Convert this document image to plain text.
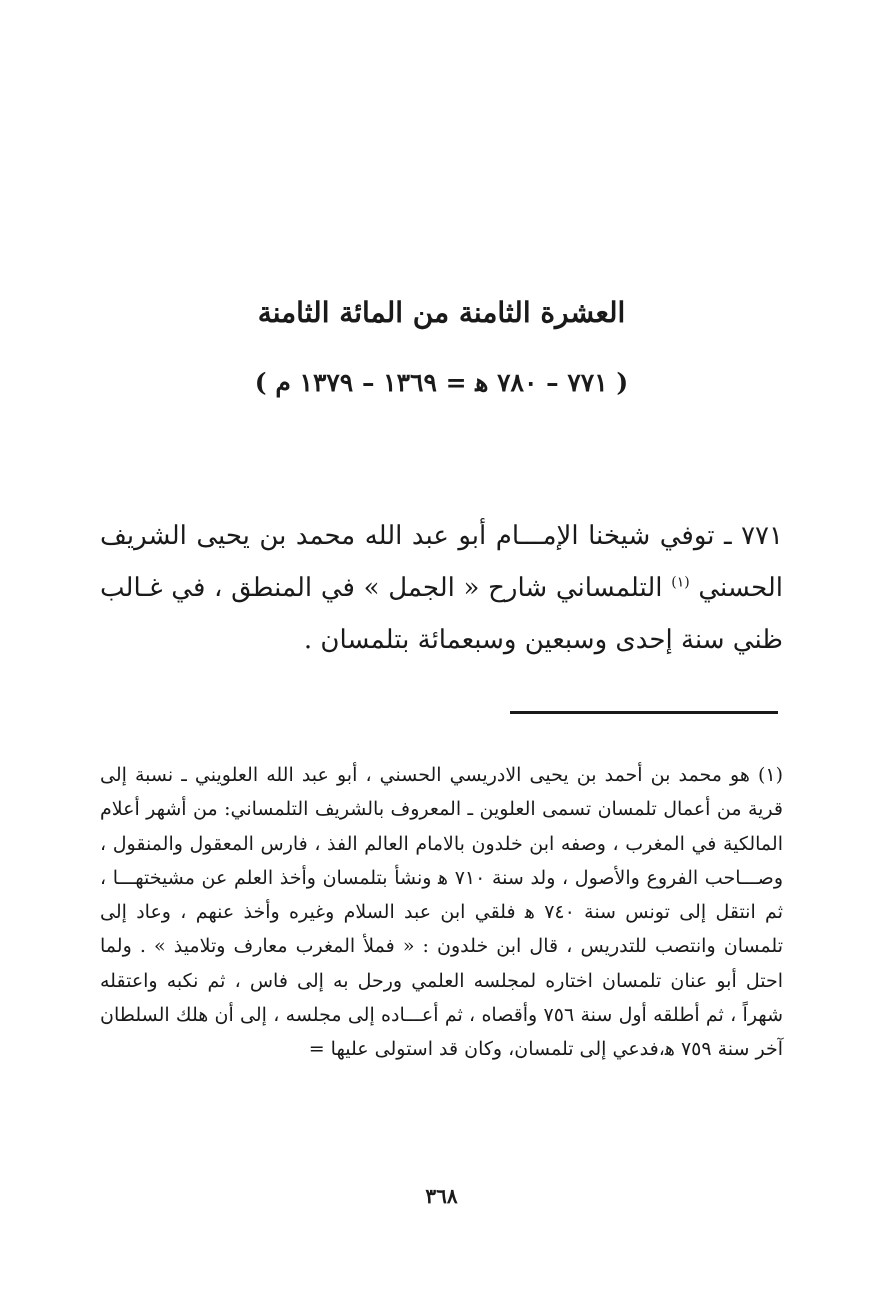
العشرة الثامنة من المائة الثامنة
( ٧٧١ – ٧٨٠ ﻫ = ١٣٦٩ – ١٣٧٩ م )
٧٧١ ـ توفي شيخنا الإمـــام أبو عبد الله محمد بن يحيى الشريف الحسني $^{(١)}$ التلمساني شارح « الجمل » في المنطق ، في غـالب ظني سنة إحدى وسبعين وسبعمائة بتلمسان .

(١) هو محمد بن أحمد بن يحيى الادريسي الحسني ، أبو عبد الله العلويني ـ نسبة إلى قرية من أعمال تلمسان تسمى العلوين ـ المعروف بالشريف التلمساني: من أشهر أعلام المالكية في المغرب ، وصفه ابن خلدون بالامام العالم الفذ ، فارس المعقول والمنقول ، وصـــاحب الفروع والأصول ، ولد سنة ٧١٠ ﻫ ونشأ بتلمسان وأخذ العلم عن مشيختهـــا ، ثم انتقل إلى تونس سنة ٧٤٠ ﻫ فلقي ابن عبد السلام وغيره وأخذ عنهم ، وعاد إلى تلمسان وانتصب للتدريس ، قال ابن خلدون : « فملأ المغرب معارف وتلاميذ » . ولما احتل أبو عنان تلمسان اختاره لمجلسه العلمي ورحل به إلى فاس ، ثم نكبه واعتقله شهراً ، ثم أطلقه أول سنة ٧٥٦ وأقصاه ، ثم أعـــاده إلى مجلسه ، إلى أن هلك السلطان آخر سنة ٧٥٩ ﻫ،فدعي إلى تلمسان، وكان قد استولى عليها =

٣٦٨
